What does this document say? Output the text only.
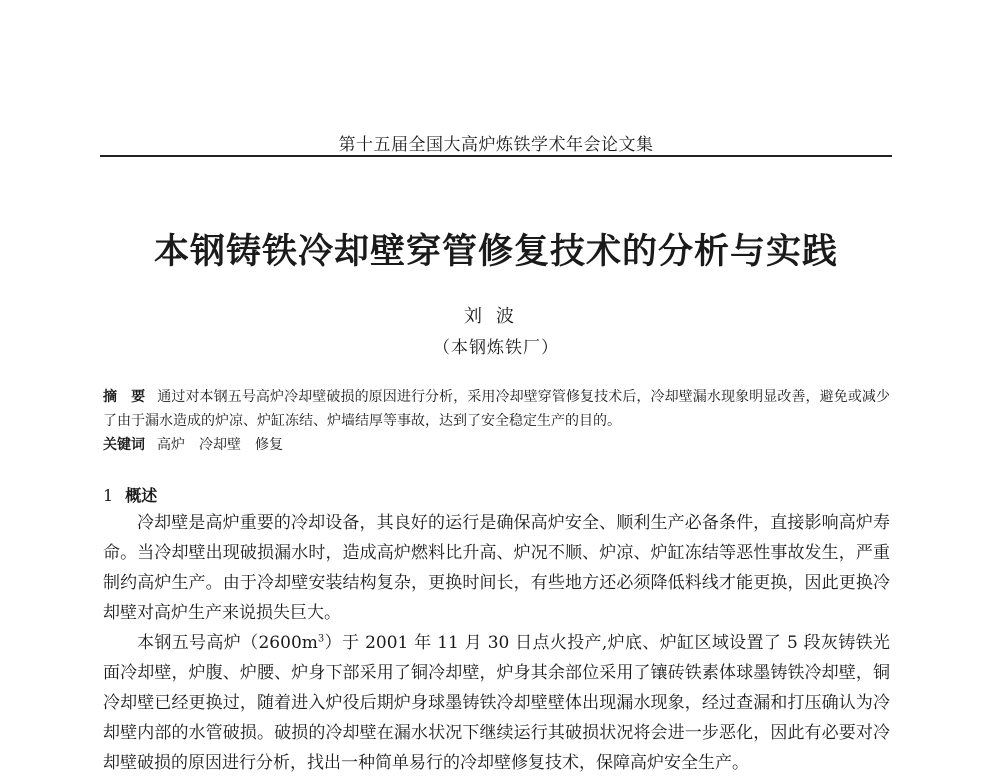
第十五届全国大高炉炼铁学术年会论文集
本钢铸铁冷却壁穿管修复技术的分析与实践
刘波
（本钢炼铁厂）
摘　要 通过对本钢五号高炉冷却壁破损的原因进行分析，采用冷却壁穿管修复技术后，冷却壁漏水现象明显改善，避免或减少了由于漏水造成的炉凉、炉缸冻结、炉墙结厚等事故，达到了安全稳定生产的目的。
关键词 高炉 冷却壁 修复
1 概述

冷却壁是高炉重要的冷却设备，其良好的运行是确保高炉安全、顺利生产必备条件，直接影响高炉寿命。当冷却壁出现破损漏水时，造成高炉燃料比升高、炉况不顺、炉凉、炉缸冻结等恶性事故发生，严重制约高炉生产。由于冷却壁安装结构复杂，更换时间长，有些地方还必须降低料线才能更换，因此更换冷却壁对高炉生产来说损失巨大。

本钢五号高炉$(2600m^3)$于 2001 年 11 月 30 日点火投产,炉底、炉缸区域设置了 5 段灰铸铁光面冷却壁，炉腹、炉腰、炉身下部采用了铜冷却壁，炉身其余部位采用了镶砖铁素体球墨铸铁冷却壁，铜冷却壁已经更换过，随着进入炉役后期炉身球墨铸铁冷却壁壁体出现漏水现象，经过查漏和打压确认为冷却壁内部的水管破损。破损的冷却壁在漏水状况下继续运行其破损状况将会进一步恶化，因此有必要对冷却壁破损的原因进行分析，找出一种简单易行的冷却壁修复技术，保障高炉安全生产。
